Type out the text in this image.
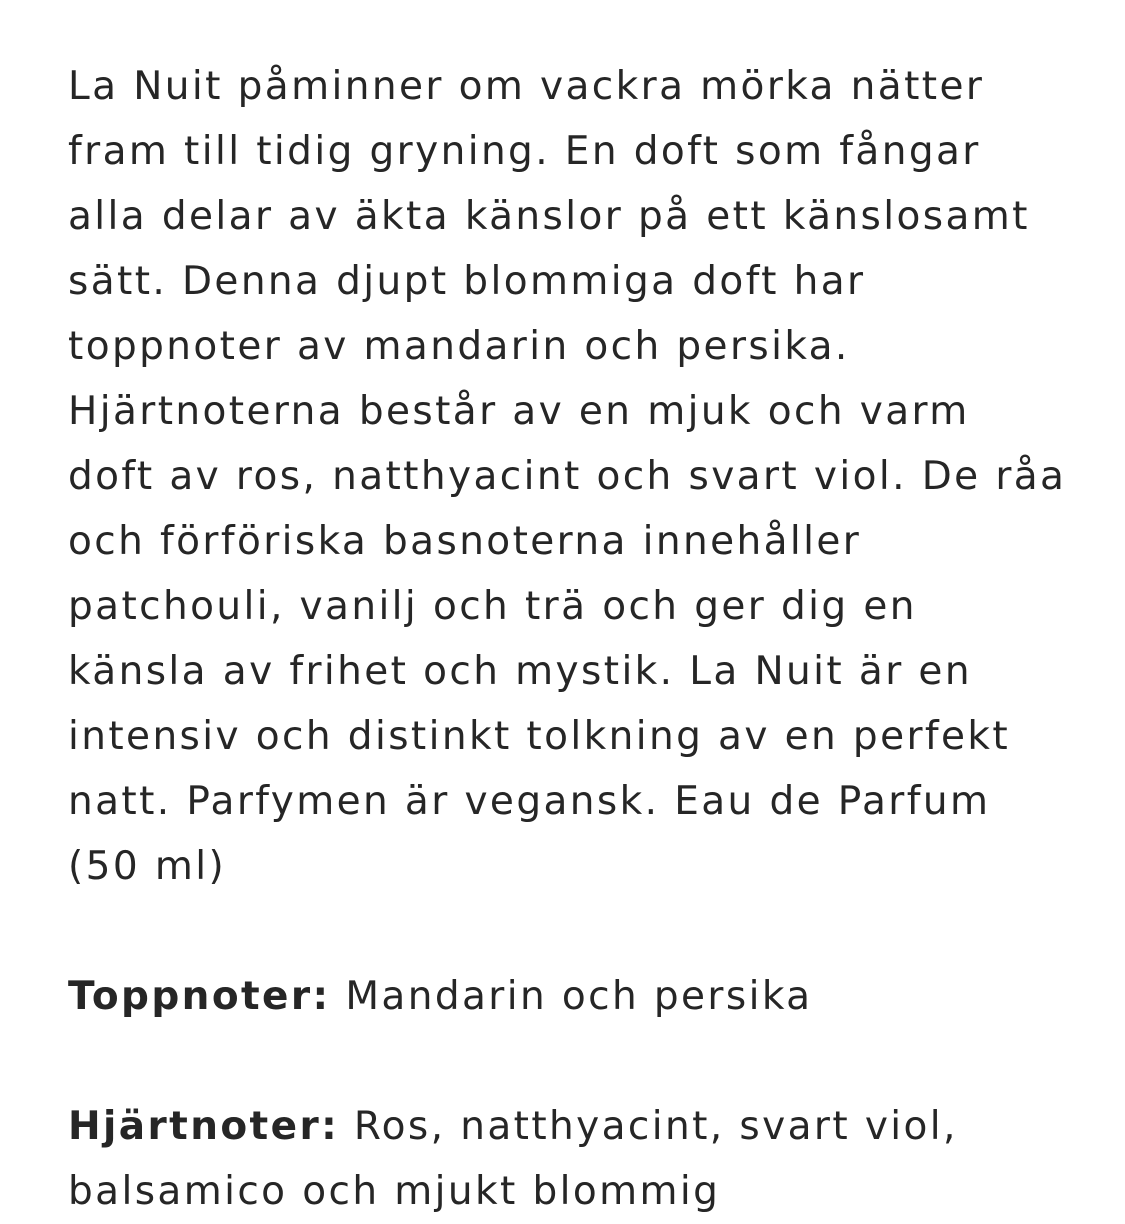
La Nuit påminner om vackra mörka nätter fram till tidig gryning. En doft som fångar alla delar av äkta känslor på ett känslosamt sätt. Denna djupt blommiga doft har toppnoter av mandarin och persika. Hjärtnoterna består av en mjuk och varm doft av ros, natthyacint och svart viol. De råa och förföriska basnoterna innehåller patchouli, vanilj och trä och ger dig en känsla av frihet och mystik. La Nuit är en intensiv och distinkt tolkning av en perfekt natt. Parfymen är vegansk. Eau de Parfum (50 ml)

Toppnoter: Mandarin och persika

Hjärtnoter: Ros, natthyacint, svart viol, balsamico och mjukt blommig
